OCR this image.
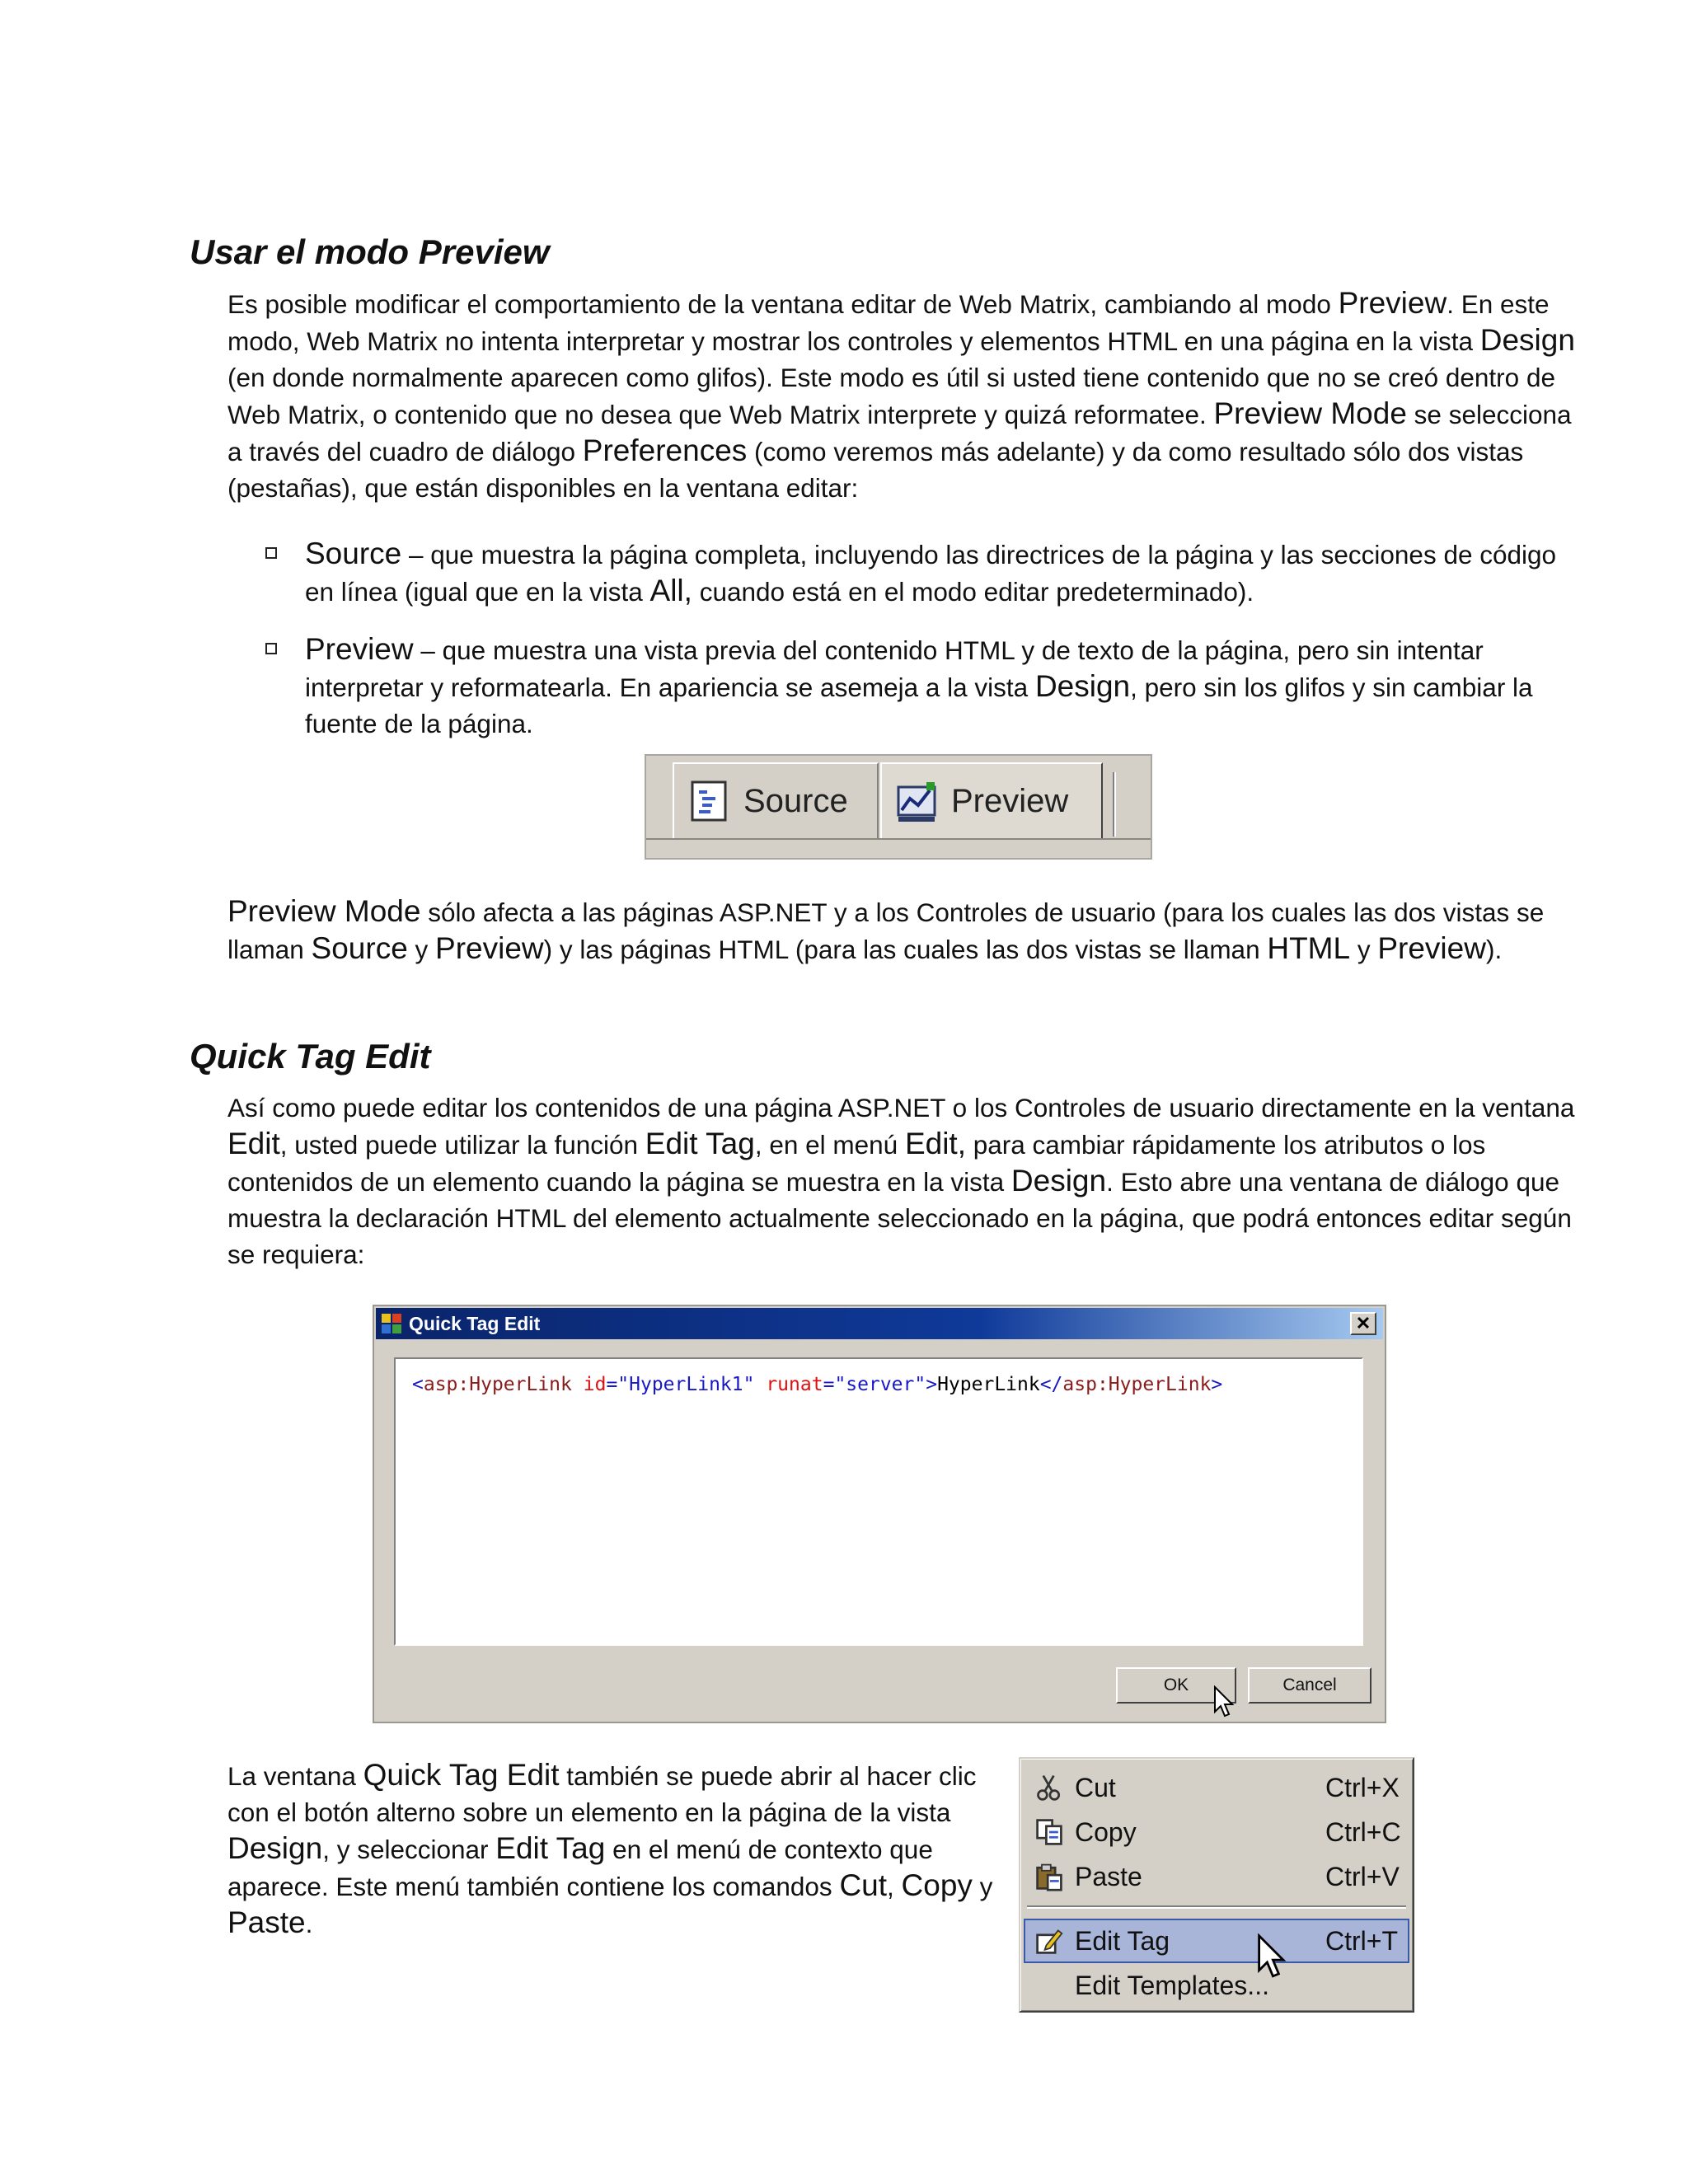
Usar el modo Preview

Es posible modificar el comportamiento de la ventana editar de Web Matrix, cambiando al modo Preview. En este modo, Web Matrix no intenta interpretar y mostrar los controles y elementos HTML en una página en la vista Design (en donde normalmente aparecen como glifos). Este modo es útil si usted tiene contenido que no se creó dentro de Web Matrix, o contenido que no desea que Web Matrix interprete y quizá reformatee. Preview Mode se selecciona a través del cuadro de diálogo Preferences (como veremos más adelante) y da como resultado sólo dos vistas (pestañas), que están disponibles en la ventana editar:

Source – que muestra la página completa, incluyendo las directrices de la página y las secciones de código en línea (igual que en la vista All, cuando está en el modo editar predeterminado).
Preview – que muestra una vista previa del contenido HTML y de texto de la página, pero sin intentar interpretar y reformatearla. En apariencia se asemeja a la vista Design, pero sin los glifos y sin cambiar la fuente de la página.
Source	Preview

Preview Mode sólo afecta a las páginas ASP.NET y a los Controles de usuario (para los cuales las dos vistas se llaman Source y Preview) y las páginas HTML (para las cuales las dos vistas se llaman HTML y Preview).

Quick Tag Edit

Así como puede editar los contenidos de una página ASP.NET o los Controles de usuario directamente en la ventana Edit, usted puede utilizar la función Edit Tag, en el menú Edit, para cambiar rápidamente los atributos o los contenidos de un elemento cuando la página se muestra en la vista Design. Esto abre una ventana de diálogo que muestra la declaración HTML del elemento actualmente seleccionado en la página, que podrá entonces editar según se requiera:

Quick Tag Edit	✕
<asp:HyperLink id="HyperLink1" runat="server">HyperLink</asp:HyperLink>
OK	Cancel

La ventana Quick Tag Edit también se puede abrir al hacer clic con el botón alterno sobre un elemento en la página de la vista Design, y seleccionar Edit Tag en el menú de contexto que aparece. Este menú también contiene los comandos Cut, Copy y Paste.

Cut	Ctrl+X
Copy	Ctrl+C
Paste	Ctrl+V
Edit Tag	Ctrl+T
Edit Templates...
